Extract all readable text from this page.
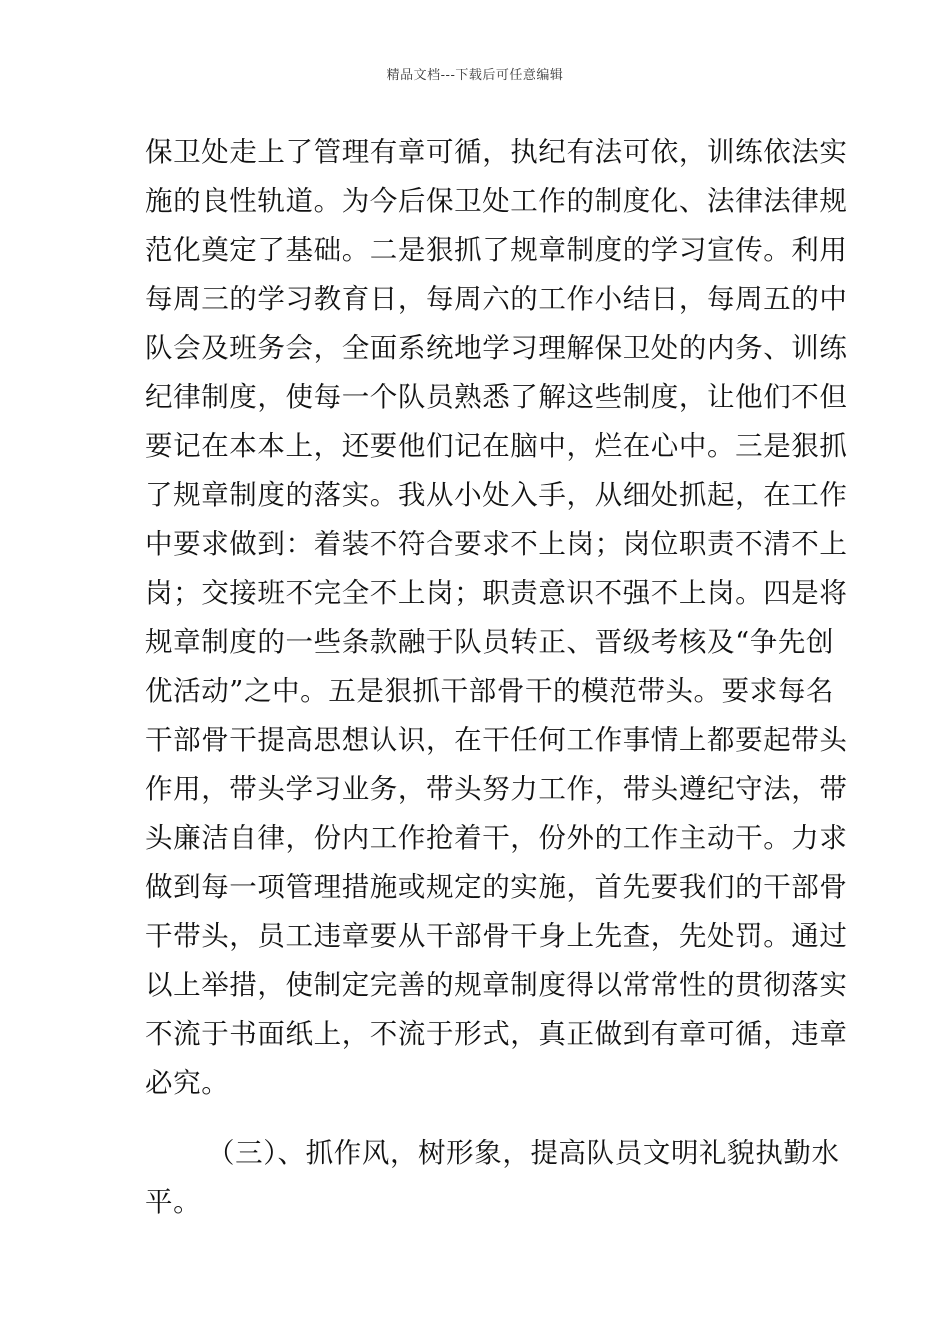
精品文档---下载后可任意编辑
保卫处走上了管理有章可循，执纪有法可依，训练依法实
施的良性轨道。为今后保卫处工作的制度化、法律法律规
范化奠定了基础。二是狠抓了规章制度的学习宣传。利用
每周三的学习教育日，每周六的工作小结日，每周五的中
队会及班务会，全面系统地学习理解保卫处的内务、训练
纪律制度，使每一个队员熟悉了解这些制度，让他们不但
要记在本本上，还要他们记在脑中，烂在心中。三是狠抓
了规章制度的落实。我从小处入手，从细处抓起，在工作
中要求做到：着装不符合要求不上岗；岗位职责不清不上
岗；交接班不完全不上岗；职责意识不强不上岗。四是将
规章制度的一些条款融于队员转正、晋级考核及“争先创
优活动”之中。五是狠抓干部骨干的模范带头。要求每名
干部骨干提高思想认识，在干任何工作事情上都要起带头
作用，带头学习业务，带头努力工作，带头遵纪守法，带
头廉洁自律，份内工作抢着干，份外的工作主动干。力求
做到每一项管理措施或规定的实施，首先要我们的干部骨
干带头，员工违章要从干部骨干身上先查，先处罚。通过
以上举措，使制定完善的规章制度得以常常性的贯彻落实
不流于书面纸上，不流于形式，真正做到有章可循，违章
必究。
（三）、抓作风，树形象，提高队员文明礼貌执勤水
平。
